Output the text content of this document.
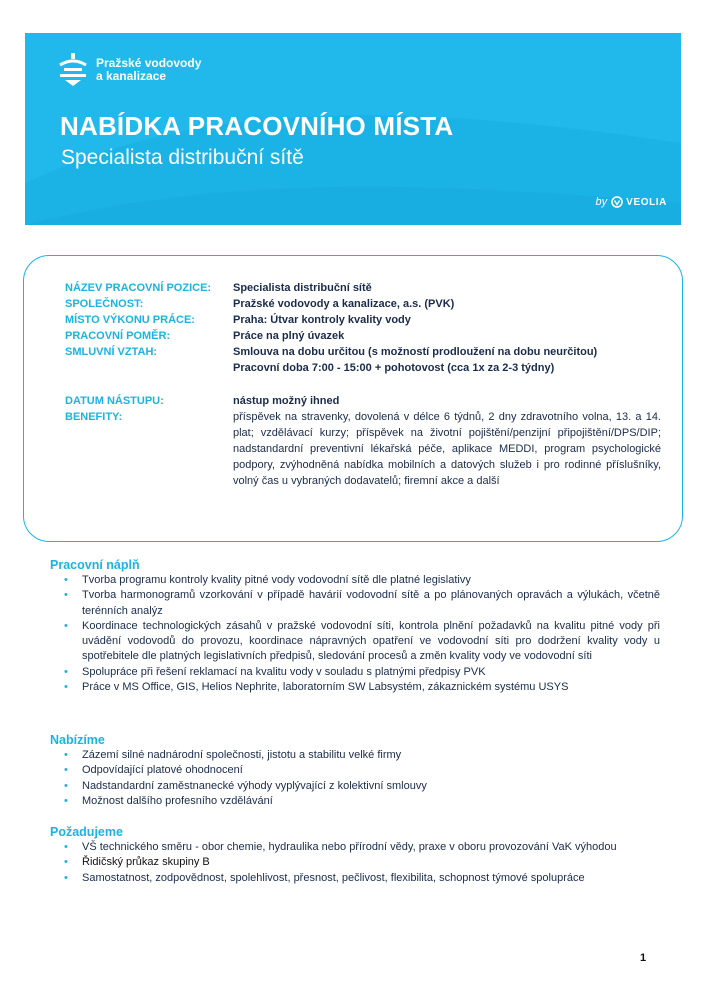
Pražské vodovody
a kanalizace
NABÍDKA PRACOVNÍHO MÍSTA
Specialista distribuční sítě
by VEOLIA
NÁZEV PRACOVNÍ POZICE:	Specialista distribuční sítě
SPOLEČNOST:	Pražské vodovody a kanalizace, a.s. (PVK)
MÍSTO VÝKONU PRÁCE:	Praha: Útvar kontroly kvality vody
PRACOVNÍ POMĚR:	Práce na plný úvazek
SMLUVNÍ VZTAH:	Smlouva na dobu určitou (s možností prodloužení na dobu neurčitou)
Pracovní doba 7:00 - 15:00 + pohotovost (cca 1x za 2-3 týdny)
DATUM NÁSTUPU:	nástup možný ihned
BENEFITY:	příspěvek na stravenky, dovolená v délce 6 týdnů, 2 dny zdravotního volna, 13. a 14. plat; vzdělávací kurzy; příspěvek na životní pojištění/penzijní připojištění/DPS/DIP; nadstandardní preventivní lékařská péče, aplikace MEDDI, program psychologické podpory, zvýhodněná nabídka mobilních a datových služeb i pro rodinné příslušníky, volný čas u vybraných dodavatelů; firemní akce a další
Pracovní náplň
• Tvorba programu kontroly kvality pitné vody vodovodní sítě dle platné legislativy
• Tvorba harmonogramů vzorkování v případě havárií vodovodní sítě a po plánovaných opravách a výlukách, včetně terénních analýz
• Koordinace technologických zásahů v pražské vodovodní síti, kontrola plnění požadavků na kvalitu pitné vody při uvádění vodovodů do provozu, koordinace nápravných opatření ve vodovodní síti pro dodržení kvality vody u spotřebitele dle platných legislativních předpisů, sledování procesů a změn kvality vody ve vodovodní síti
• Spolupráce při řešení reklamací na kvalitu vody v souladu s platnými předpisy PVK
• Práce v MS Office, GIS, Helios Nephrite, laboratorním SW Labsystém, zákaznickém systému USYS
Nabízíme
• Zázemí silné nadnárodní společnosti, jistotu a stabilitu velké firmy
• Odpovídající platové ohodnocení
• Nadstandardní zaměstnanecké výhody vyplývající z kolektivní smlouvy
• Možnost dalšího profesního vzdělávání
Požadujeme
• VŠ technického směru - obor chemie, hydraulika nebo přírodní vědy, praxe v oboru provozování VaK výhodou
• Řidičský průkaz skupiny B
• Samostatnost, zodpovědnost, spolehlivost, přesnost, pečlivost, flexibilita, schopnost týmové spolupráce
1
